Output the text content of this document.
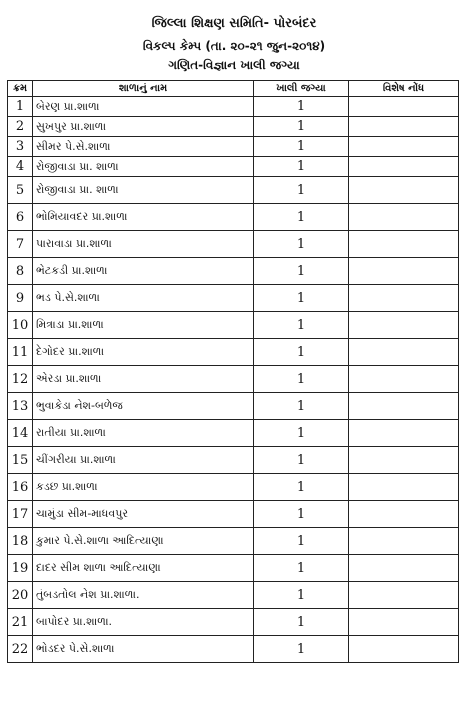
જિલ્લા શિક્ષણ સમિતિ- પોરબંદર
વિકલ્પ કેમ્પ (તા. ૨૦-૨૧ જુન-૨૦૧૪)
ગણિત-વિજ્ઞાન ખાલી જગ્યા
ક્રમ	શાળાનું નામ	ખાલી જગ્યા	વિશેષ નોંધ
1	બેરણ પ્રા.શાળા	1	
2	સુખપુર પ્રા.શાળા	1	
3	સીમર પે.સે.શાળા	1	
4	રોજીવાડા પ્રા. શાળા	1	
5	રોજીવાડા પ્રા. શાળા	1	
6	ભોમિયાવદર પ્રા.શાળા	1	
7	પારાવાડા પ્રા.શાળા	1	
8	ભેટકડી પ્રા.શાળા	1	
9	ભડ પે.સે.શાળા	1	
10	મિત્રાડા પ્રા.શાળા	1	
11	દેગોદર પ્રા.શાળા	1	
12	એરડા પ્રા.શાળા	1	
13	ભુવાકેડા નેશ-બળેજ	1	
14	રાતીયા પ્રા.શાળા	1	
15	ચીંગરીયા પ્રા.શાળા	1	
16	કડછ પ્રા.શાળા	1	
17	ચામુંડા સીમ-માધવપુર	1	
18	કુમાર પે.સે.શાળા આદિત્યાણા	1	
19	દાદર સીમ શાળા આદિત્યાણા	1	
20	તુંબડતોલ નેશ પ્રા.શાળા.	1	
21	બાપોદર પ્રા.શાળા.	1	
22	ભોડદર પે.સે.શાળા	1	
